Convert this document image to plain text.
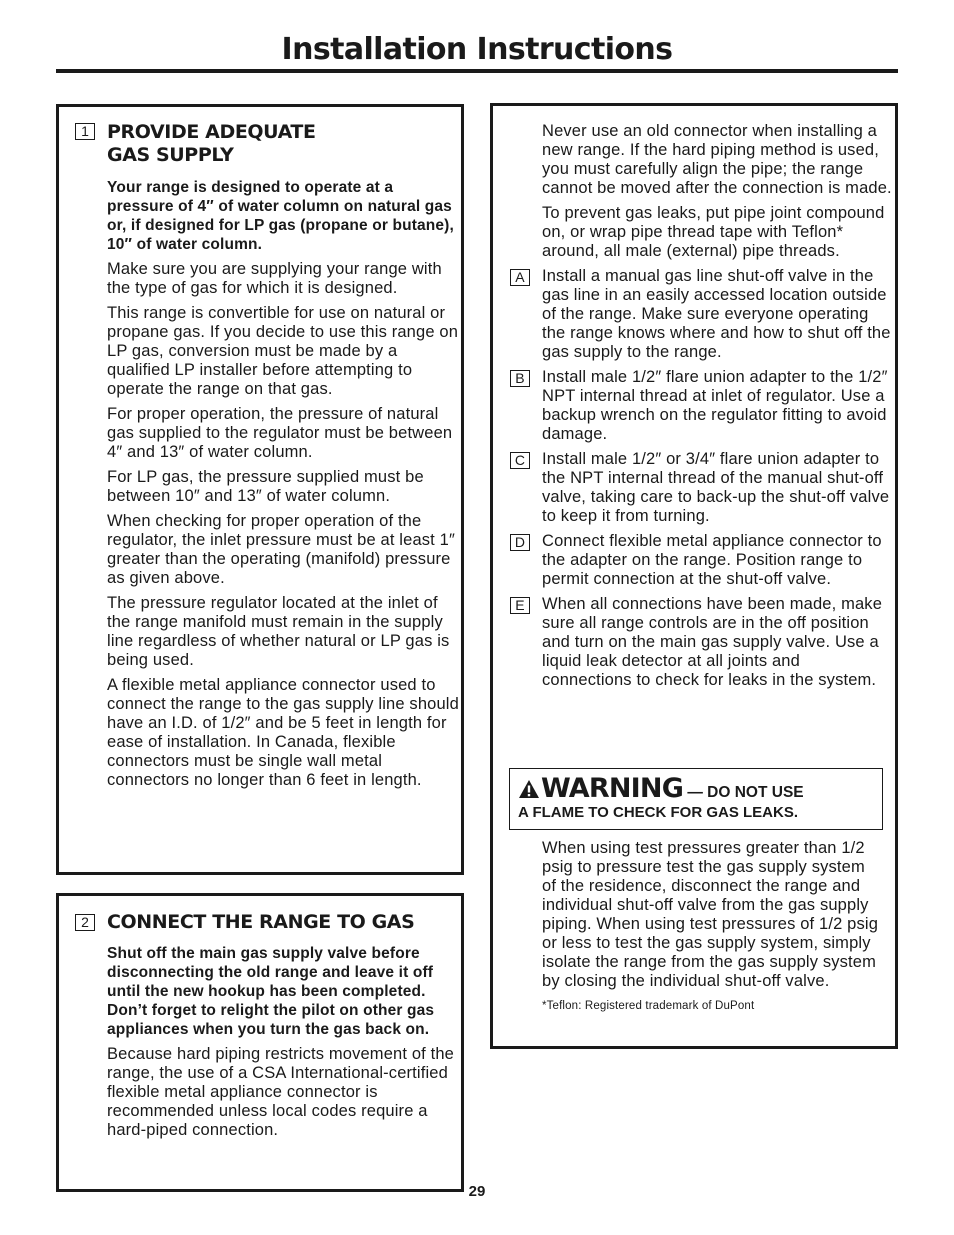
Installation Instructions
1 PROVIDE ADEQUATE
GAS SUPPLY

Your range is designed to operate at a pressure of 4″ of water column on natural gas or, if designed for LP gas (propane or butane), 10″ of water column.

Make sure you are supplying your range with the type of gas for which it is designed.

This range is convertible for use on natural or propane gas. If you decide to use this range on LP gas, conversion must be made by a qualified LP installer before attempting to operate the range on that gas.

For proper operation, the pressure of natural gas supplied to the regulator must be between 4″ and 13″ of water column.

For LP gas, the pressure supplied must be between 10″ and 13″ of water column.

When checking for proper operation of the regulator, the inlet pressure must be at least 1″ greater than the operating (manifold) pressure as given above.

The pressure regulator located at the inlet of the range manifold must remain in the supply line regardless of whether natural or LP gas is being used.

A flexible metal appliance connector used to connect the range to the gas supply line should have an I.D. of 1/2″ and be 5 feet in length for ease of installation. In Canada, flexible connectors must be single wall metal connectors no longer than 6 feet in length.

2 CONNECT THE RANGE TO GAS

Shut off the main gas supply valve before disconnecting the old range and leave it off until the new hookup has been completed. Don’t forget to relight the pilot on other gas appliances when you turn the gas back on.

Because hard piping restricts movement of the range, the use of a CSA International-certified flexible metal appliance connector is recommended unless local codes require a hard-piped connection.

Never use an old connector when installing a new range. If the hard piping method is used, you must carefully align the pipe; the range cannot be moved after the connection is made.

To prevent gas leaks, put pipe joint compound on, or wrap pipe thread tape with Teflon* around, all male (external) pipe threads.

A	Install a manual gas line shut-off valve in the gas line in an easily accessed location outside of the range. Make sure everyone operating the range knows where and how to shut off the gas supply to the range.

B	Install male 1/2″ flare union adapter to the 1/2″ NPT internal thread at inlet of regulator. Use a backup wrench on the regulator fitting to avoid damage.

C Install male 1/2″ or 3/4″ flare union adapter to the NPT internal thread of the manual shut-off valve, taking care to back-up the shut-off valve to keep it from turning.

D Connect flexible metal appliance connector to the adapter on the range. Position range to permit connection at the shut-off valve.

E	When all connections have been made, make sure all range controls are in the off position and turn on the main gas supply valve. Use a liquid leak detector at all joints and connections to check for leaks in the system.

WARNING — DO NOT USE
A FLAME TO CHECK FOR GAS LEAKS.

When using test pressures greater than 1/2 psig to pressure test the gas supply system of the residence, disconnect the range and individual shut-off valve from the gas supply piping. When using test pressures of 1/2 psig or less to test the gas supply system, simply isolate the range from the gas supply system by closing the individual shut-off valve.

*Teflon: Registered trademark of DuPont

29
